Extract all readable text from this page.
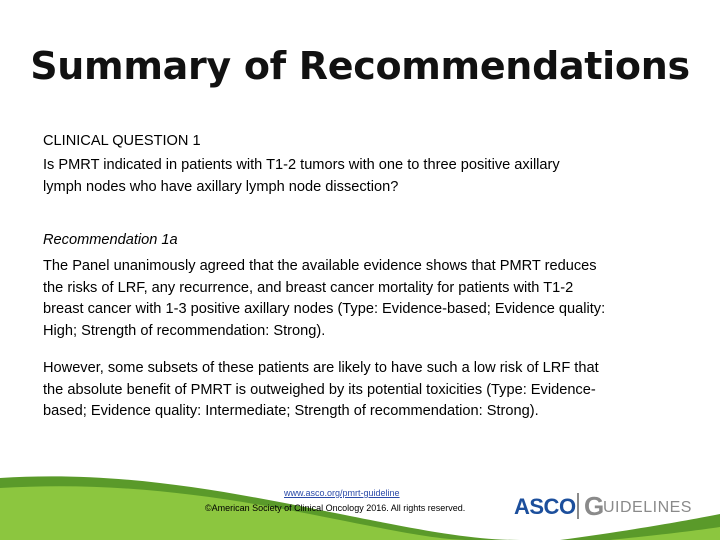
Summary of Recommendations
CLINICAL QUESTION 1
Is PMRT indicated in patients with T1-2 tumors with one to three positive axillary
lymph nodes who have axillary lymph node dissection?
Recommendation 1a
The Panel unanimously agreed that the available evidence shows that PMRT reduces
the risks of LRF, any recurrence, and breast cancer mortality for patients with T1-2
breast cancer with 1-3 positive axillary nodes (Type: Evidence-based; Evidence quality:
High; Strength of recommendation: Strong).
However, some subsets of these patients are likely to have such a low risk of LRF that
the absolute benefit of PMRT is outweighed by its potential toxicities (Type: Evidence-
based; Evidence quality: Intermediate; Strength of recommendation: Strong).
www.asco.org/pmrt-guideline
©American Society of Clinical Oncology 2016. All rights reserved. ASCO G
UIDELINES
